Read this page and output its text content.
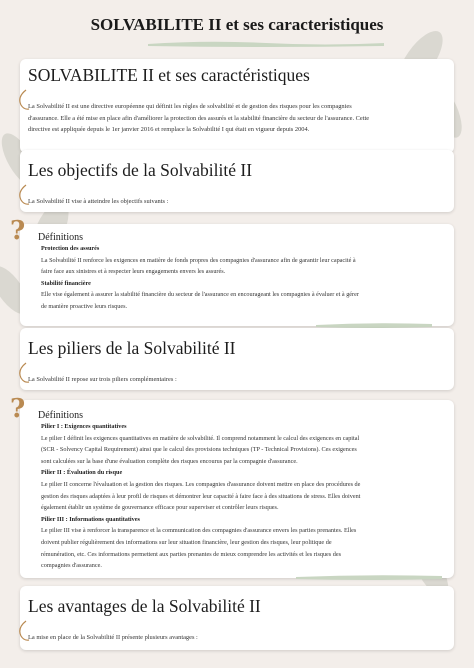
SOLVABILITE II et ses caracteristiques
SOLVABILITE II et ses caractéristiques
La Solvabilité II est une directive européenne qui définit les règles de solvabilité et de gestion des risques pour les compagnies
d'assurance. Elle a été mise en place afin d'améliorer la protection des assurés et la stabilité financière du secteur de l'assurance. Cette
directive est appliquée depuis le 1er janvier 2016 et remplace la Solvabilité I qui était en vigueur depuis 2004.
Les objectifs de la Solvabilité II
La Solvabilité II vise à atteindre les objectifs suivants :
? Définitions
Protection des assurés
La Solvabilité II renforce les exigences en matière de fonds propres des compagnies d'assurance afin de garantir leur capacité à
faire face aux sinistres et à respecter leurs engagements envers les assurés.
Stabilité financière
Elle vise également à assurer la stabilité financière du secteur de l'assurance en encourageant les compagnies à évaluer et à gérer
de manière proactive leurs risques.
Les piliers de la Solvabilité II
La Solvabilité II repose sur trois piliers complémentaires :
? Définitions
Pilier I : Exigences quantitatives
Le pilier I définit les exigences quantitatives en matière de solvabilité. Il comprend notamment le calcul des exigences en capital
(SCR - Solvency Capital Requirement) ainsi que le calcul des provisions techniques (TP - Technical Provisions). Ces exigences
sont calculées sur la base d'une évaluation complète des risques encourus par la compagnie d'assurance.
Pilier II : Évaluation du risque
Le pilier II concerne l'évaluation et la gestion des risques. Les compagnies d'assurance doivent mettre en place des procédures de
gestion des risques adaptées à leur profil de risques et démontrer leur capacité à faire face à des situations de stress. Elles doivent
également établir un système de gouvernance efficace pour superviser et contrôler leurs risques.
Pilier III : Informations quantitatives
Le pilier III vise à renforcer la transparence et la communication des compagnies d'assurance envers les parties prenantes. Elles
doivent publier régulièrement des informations sur leur situation financière, leur gestion des risques, leur politique de
rémunération, etc. Ces informations permettent aux parties prenantes de mieux comprendre les activités et les risques des
compagnies d'assurance.
Les avantages de la Solvabilité II
La mise en place de la Solvabilité II présente plusieurs avantages :
